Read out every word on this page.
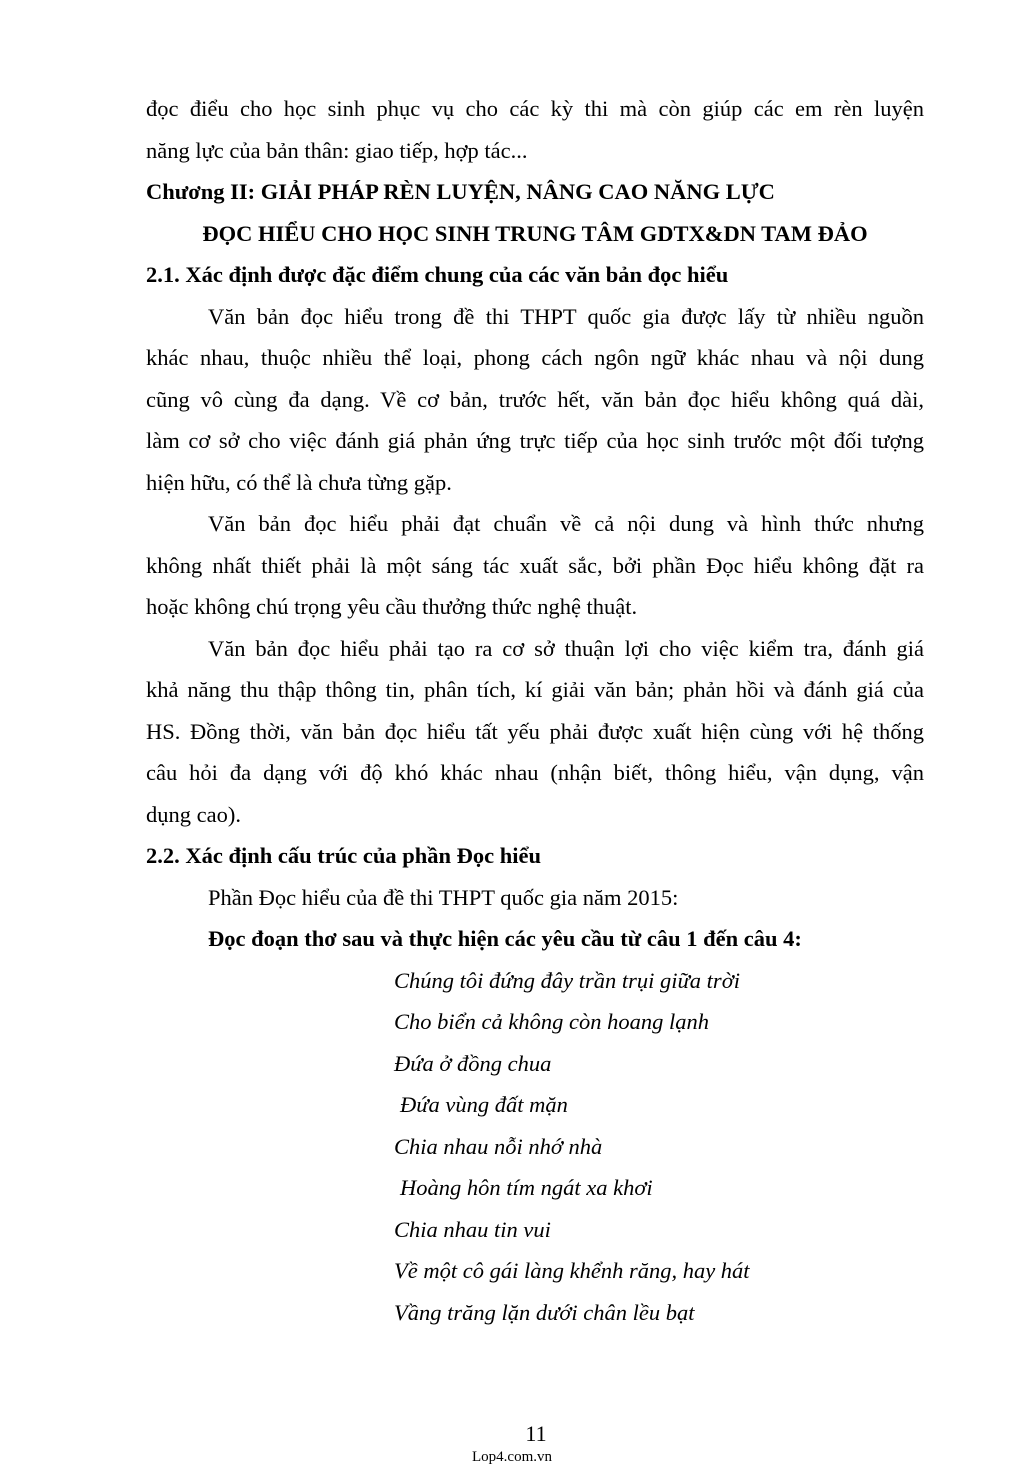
đọc điểu cho học sinh phục vụ cho các kỳ thi mà còn giúp các em rèn luyện
năng lực của bản thân: giao tiếp, hợp tác...
Chương II: GIẢI PHÁP RÈN LUYỆN, NÂNG CAO NĂNG LỰC
ĐỌC HIỂU CHO HỌC SINH TRUNG TÂM GDTX&DN TAM ĐẢO
2.1. Xác định được đặc điểm chung của các văn bản đọc hiểu
Văn bản đọc hiểu trong đề thi THPT quốc gia được lấy từ nhiều nguồn
khác nhau, thuộc nhiều thể loại, phong cách ngôn ngữ khác nhau và nội dung
cũng vô cùng đa dạng. Về cơ bản, trước hết, văn bản đọc hiểu không quá dài,
làm cơ sở cho việc đánh giá phản ứng trực tiếp của học sinh trước một đối tượng
hiện hữu, có thể là chưa từng gặp.
Văn bản đọc hiểu phải đạt chuẩn về cả nội dung và hình thức nhưng
không nhất thiết phải là một sáng tác xuất sắc, bởi phần Đọc hiểu không đặt ra
hoặc không chú trọng yêu cầu thưởng thức nghệ thuật.
Văn bản đọc hiểu phải tạo ra cơ sở thuận lợi cho việc kiểm tra, đánh giá
khả năng thu thập thông tin, phân tích, kí giải văn bản; phản hồi và đánh giá của
HS. Đồng thời, văn bản đọc hiểu tất yếu phải được xuất hiện cùng với hệ thống
câu hỏi đa dạng với độ khó khác nhau (nhận biết, thông hiểu, vận dụng, vận
dụng cao).
2.2. Xác định cấu trúc của phần Đọc hiểu
Phần Đọc hiểu của đề thi THPT quốc gia năm 2015:
Đọc đoạn thơ sau và thực hiện các yêu cầu từ câu 1 đến câu 4:
Chúng tôi đứng đây trần trụi giữa trời
Cho biển cả không còn hoang lạnh
Đứa ở đồng chua
Đứa vùng đất mặn
Chia nhau nỗi nhớ nhà
Hoàng hôn tím ngát xa khơi
Chia nhau tin vui
Về một cô gái làng khểnh răng, hay hát
Vầng trăng lặn dưới chân lều bạt
11
Lop4.com.vn
